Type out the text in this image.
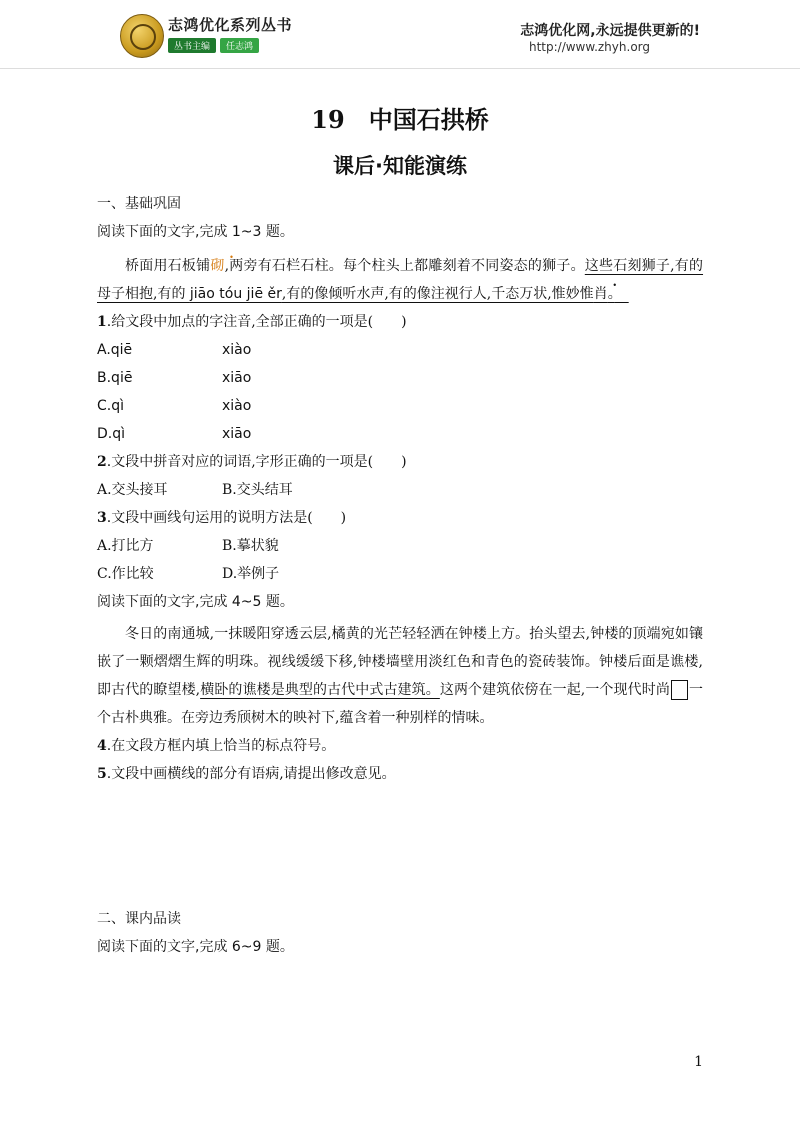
志鸿优化系列丛书
丛书主编	任志鸿
志鸿优化网,永远提供更新的!
http://www.zhyh.org
19　中国石拱桥
课后·知能演练
一、基础巩固
阅读下面的文字,完成 1~3 题。
桥面用石板铺砌,两旁有石栏石柱。每个柱头上都雕刻着不同姿态的狮子。这些石刻狮子,有的母子相抱,有的 jiāo tóu jiē ěr,有的像倾听水声,有的像注视行人,千态万状,惟妙惟肖。　
1.给文段中加点的字注音,全部正确的一项是(　　)
A.qiē	xiào
B.qiē	xiāo
C.qì	xiào
D.qì	xiāo
2.文段中拼音对应的词语,字形正确的一项是(　　)
A.交头接耳	B.交头结耳
3.文段中画线句运用的说明方法是(　　)
A.打比方	B.摹状貌
C.作比较	D.举例子
阅读下面的文字,完成 4~5 题。
冬日的南通城,一抹暖阳穿透云层,橘黄的光芒轻轻洒在钟楼上方。抬头望去,钟楼的顶端宛如镶嵌了一颗熠熠生辉的明珠。视线缓缓下移,钟楼墙壁用淡红色和青色的瓷砖装饰。钟楼后面是谯楼,即古代的瞭望楼,横卧的谯楼是典型的古代中式古建筑。这两个建筑依傍在一起,一个现代时尚 一个古朴典雅。在旁边秀颀树木的映衬下,蕴含着一种别样的情味。
4.在文段方框内填上恰当的标点符号。
5.文段中画横线的部分有语病,请提出修改意见。
二、课内品读
阅读下面的文字,完成 6~9 题。
1
